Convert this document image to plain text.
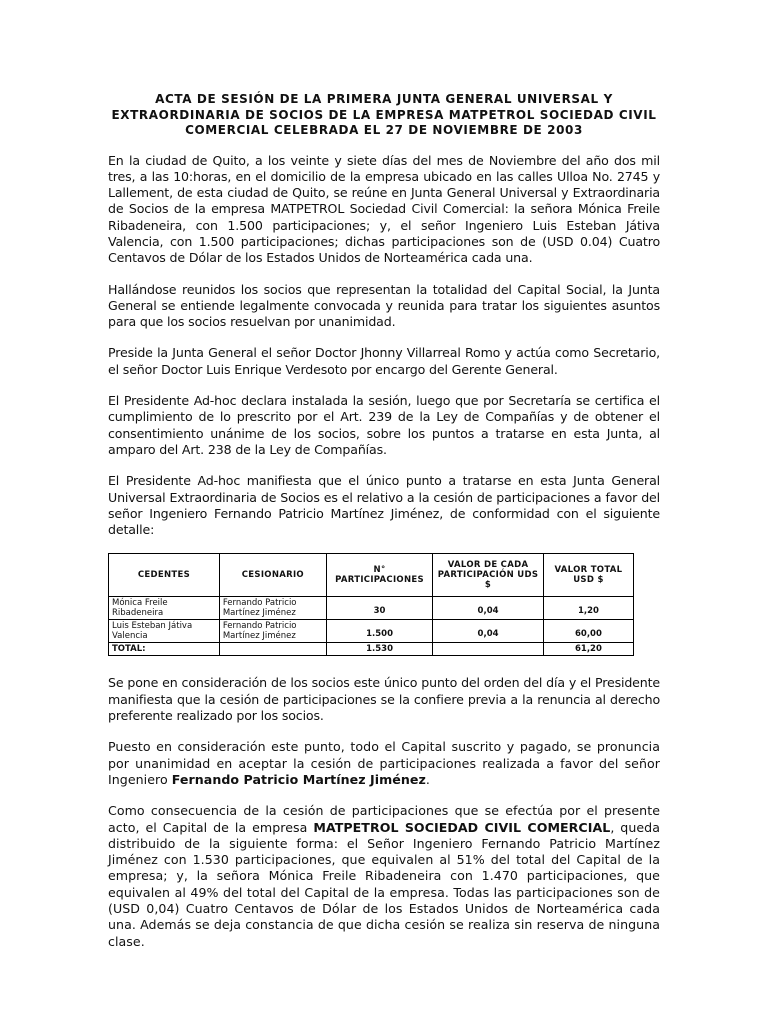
ACTA DE SESIÓN DE LA PRIMERA JUNTA GENERAL UNIVERSAL Y
EXTRAORDINARIA DE SOCIOS DE LA EMPRESA MATPETROL SOCIEDAD CIVIL
COMERCIAL CELEBRADA EL 27 DE NOVIEMBRE DE 2003

En la ciudad de Quito, a los veinte y siete días del mes de Noviembre del año dos mil tres, a las 10:horas, en el domicilio de la empresa ubicado en las calles Ulloa No. 2745 y Lallement, de esta ciudad de Quito, se reúne en Junta General Universal y Extraordinaria de Socios de la empresa MATPETROL Sociedad Civil Comercial: la señora Mónica Freile Ribadeneira, con 1.500 participaciones; y, el señor Ingeniero Luis Esteban Játiva Valencia, con 1.500 participaciones; dichas participaciones son de (USD 0.04) Cuatro Centavos de Dólar de los Estados Unidos de Norteamérica cada una.

Hallándose reunidos los socios que representan la totalidad del Capital Social, la Junta General se entiende legalmente convocada y reunida para tratar los siguientes asuntos para que los socios resuelvan por unanimidad.

Preside la Junta General el señor Doctor Jhonny Villarreal Romo y actúa como Secretario, el señor Doctor Luis Enrique Verdesoto por encargo del Gerente General.

El Presidente Ad-hoc declara instalada la sesión, luego que por Secretaría se certifica el cumplimiento de lo prescrito por el Art. 239 de la Ley de Compañías y de obtener el consentimiento unánime de los socios, sobre los puntos a tratarse en esta Junta, al amparo del Art. 238 de la Ley de Compañías.

El Presidente Ad-hoc manifiesta que el único punto a tratarse en esta Junta General Universal Extraordinaria de Socios es el relativo a la cesión de participaciones a favor del señor Ingeniero Fernando Patricio Martínez Jiménez, de conformidad con el siguiente detalle:

CEDENTES	CESIONARIO	N° PARTICIPACIONES	VALOR DE CADA PARTICIPACIÓN UDS $	VALOR TOTAL USD $
Mónica Freile Ribadeneira	Fernando Patricio Martínez Jiménez	30	0,04	1,20
Luis Esteban Játiva Valencia	Fernando Patricio Martínez Jiménez	1.500	0,04	60,00
TOTAL:		1.530		61,20

Se pone en consideración de los socios este único punto del orden del día y el Presidente manifiesta que la cesión de participaciones se la confiere previa a la renuncia al derecho preferente realizado por los socios.

Puesto en consideración este punto, todo el Capital suscrito y pagado, se pronuncia por unanimidad en aceptar la cesión de participaciones realizada a favor del señor Ingeniero Fernando Patricio Martínez Jiménez.

Como consecuencia de la cesión de participaciones que se efectúa por el presente acto, el Capital de la empresa MATPETROL SOCIEDAD CIVIL COMERCIAL, queda distribuido de la siguiente forma: el Señor Ingeniero Fernando Patricio Martínez Jiménez con 1.530 participaciones, que equivalen al 51% del total del Capital de la empresa; y, la señora Mónica Freile Ribadeneira con 1.470 participaciones, que equivalen al 49% del total del Capital de la empresa. Todas las participaciones son de (USD 0,04) Cuatro Centavos de Dólar de los Estados Unidos de Norteamérica cada una. Además se deja constancia de que dicha cesión se realiza sin reserva de ninguna clase.
